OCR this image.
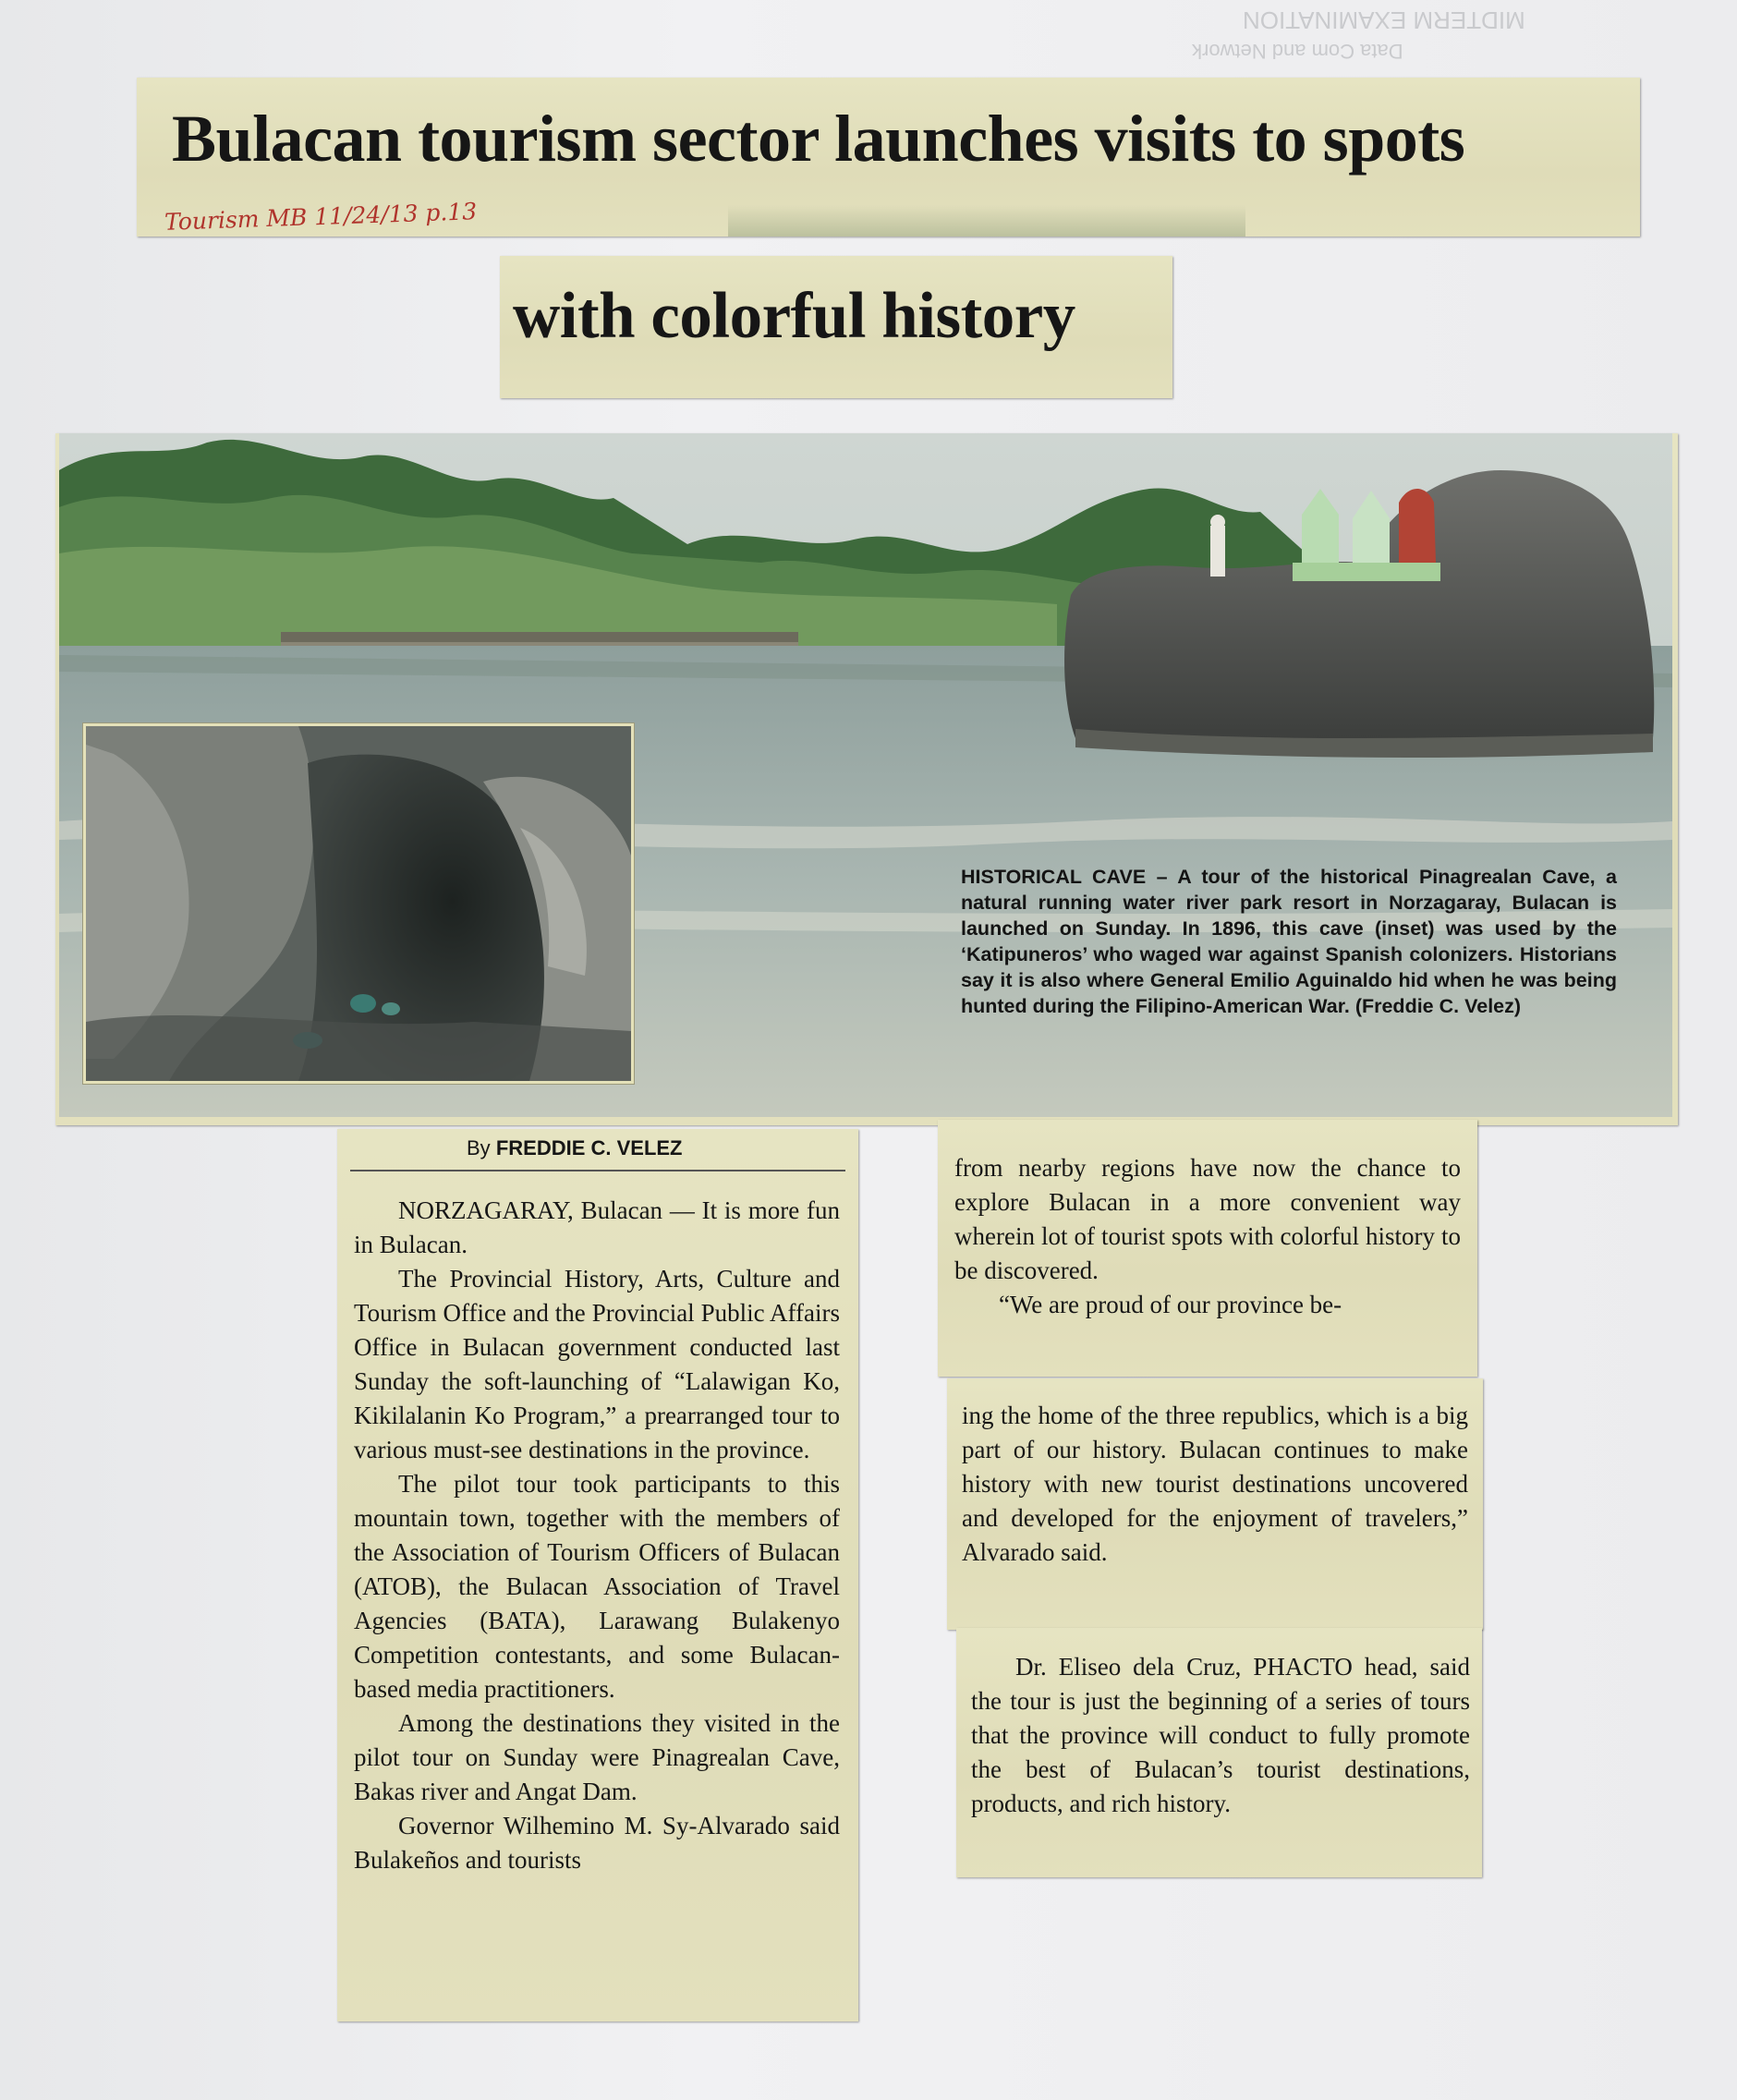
MIDTERM EXAMINATION
Data Com and Network
Bulacan tourism sector launches visits to spots
Tourism MB 11/24/13 p.13
with colorful history
HISTORICAL CAVE – A tour of the historical Pinagrealan Cave, a natural running water river park resort in Norzagaray, Bulacan is launched on Sunday. In 1896, this cave (inset) was used by the ‘Katipuneros’ who waged war against Spanish colonizers. Historians say it is also where General Emilio Aguinaldo hid when he was being hunted during the Filipino-American War. (Freddie C. Velez)
By FREDDIE C. VELEZ

NORZAGARAY, Bulacan — It is more fun in Bulacan.

The Provincial History, Arts, Culture and Tourism Office and the Provincial Public Affairs Office in Bulacan government conducted last Sunday the soft-launching of “Lalawigan Ko, Kikilalanin Ko Program,” a prearranged tour to various must-see destinations in the province.

The pilot tour took participants to this mountain town, together with the members of the Association of Tourism Officers of Bulacan (ATOB), the Bulacan Association of Travel Agencies (BATA), Larawang Bulakenyo Competition contestants, and some Bulacan-based media practitioners.

Among the destinations they visited in the pilot tour on Sunday were Pinagrealan Cave, Bakas river and Angat Dam.

Governor Wilhemino M. Sy-Alvarado said Bulakeños and tourists

from nearby regions have now the chance to explore Bulacan in a more convenient way wherein lot of tourist spots with colorful history to be discovered.

“We are proud of our province be-

ing the home of the three republics, which is a big part of our history. Bulacan continues to make history with new tourist destinations uncovered and developed for the enjoyment of travelers,” Alvarado said.

Dr. Eliseo dela Cruz, PHACTO head, said the tour is just the beginning of a series of tours that the province will conduct to fully promote the best of Bulacan’s tourist destinations, products, and rich history.
